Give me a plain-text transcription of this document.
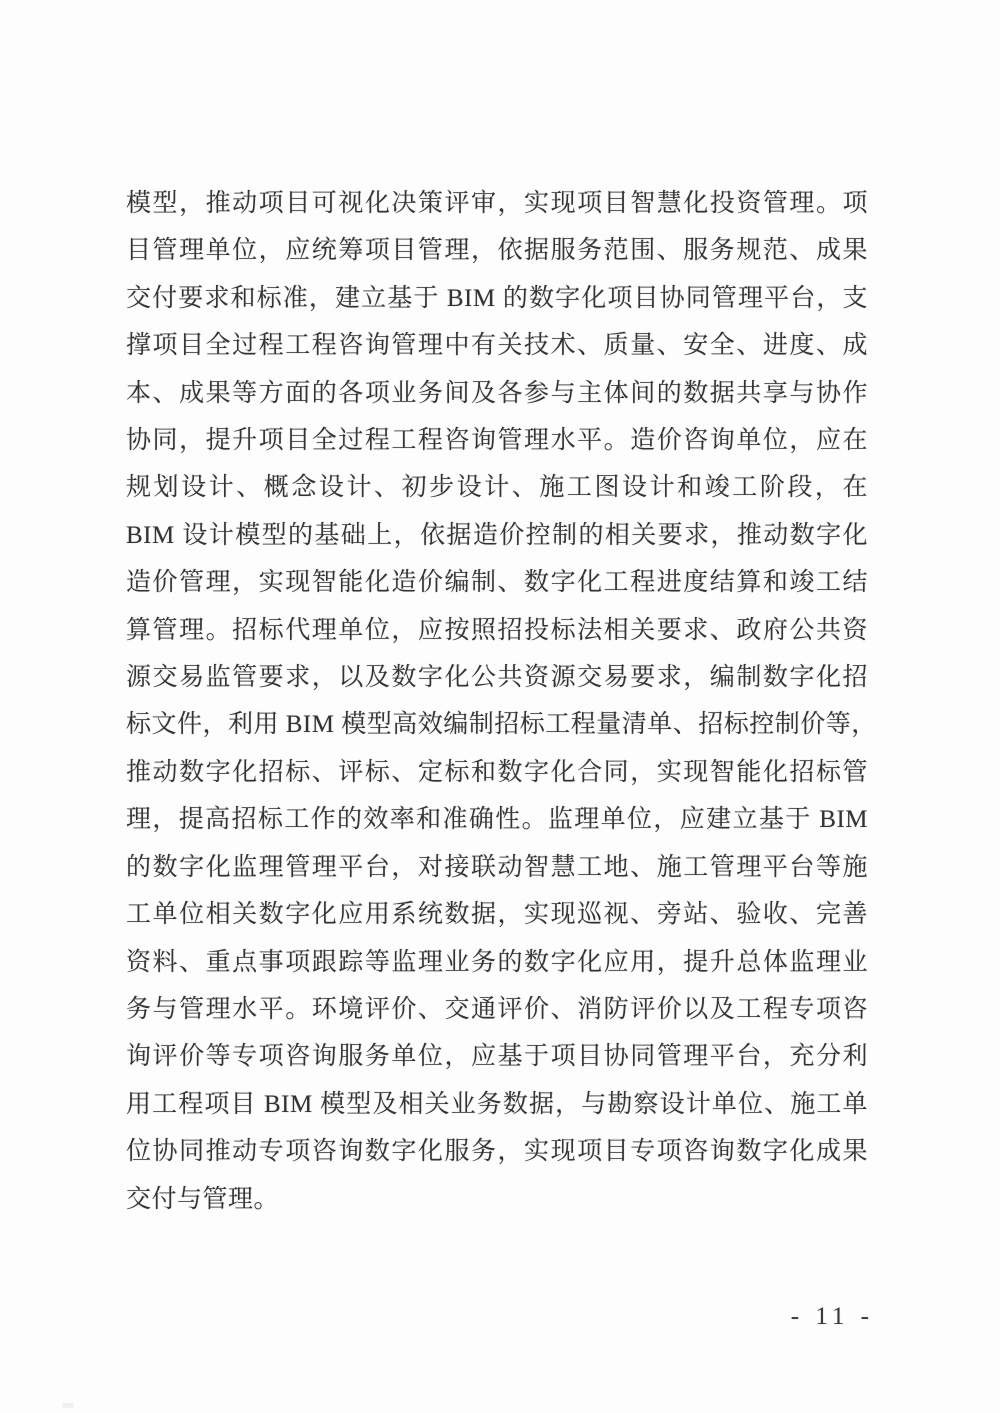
模型，推动项目可视化决策评审，实现项目智慧化投资管理。项
目管理单位，应统筹项目管理，依据服务范围、服务规范、成果
交付要求和标准，建立基于 BIM 的数字化项目协同管理平台，支
撑项目全过程工程咨询管理中有关技术、质量、安全、进度、成
本、成果等方面的各项业务间及各参与主体间的数据共享与协作
协同，提升项目全过程工程咨询管理水平。造价咨询单位，应在
规划设计、概念设计、初步设计、施工图设计和竣工阶段，在
BIM 设计模型的基础上，依据造价控制的相关要求，推动数字化
造价管理，实现智能化造价编制、数字化工程进度结算和竣工结
算管理。招标代理单位，应按照招投标法相关要求、政府公共资
源交易监管要求，以及数字化公共资源交易要求，编制数字化招
标文件，利用 BIM 模型高效编制招标工程量清单、招标控制价等，
推动数字化招标、评标、定标和数字化合同，实现智能化招标管
理，提高招标工作的效率和准确性。监理单位，应建立基于 BIM
的数字化监理管理平台，对接联动智慧工地、施工管理平台等施
工单位相关数字化应用系统数据，实现巡视、旁站、验收、完善
资料、重点事项跟踪等监理业务的数字化应用，提升总体监理业
务与管理水平。环境评价、交通评价、消防评价以及工程专项咨
询评价等专项咨询服务单位，应基于项目协同管理平台，充分利
用工程项目 BIM 模型及相关业务数据，与勘察设计单位、施工单
位协同推动专项咨询数字化服务，实现项目专项咨询数字化成果
交付与管理。
- 11 -
